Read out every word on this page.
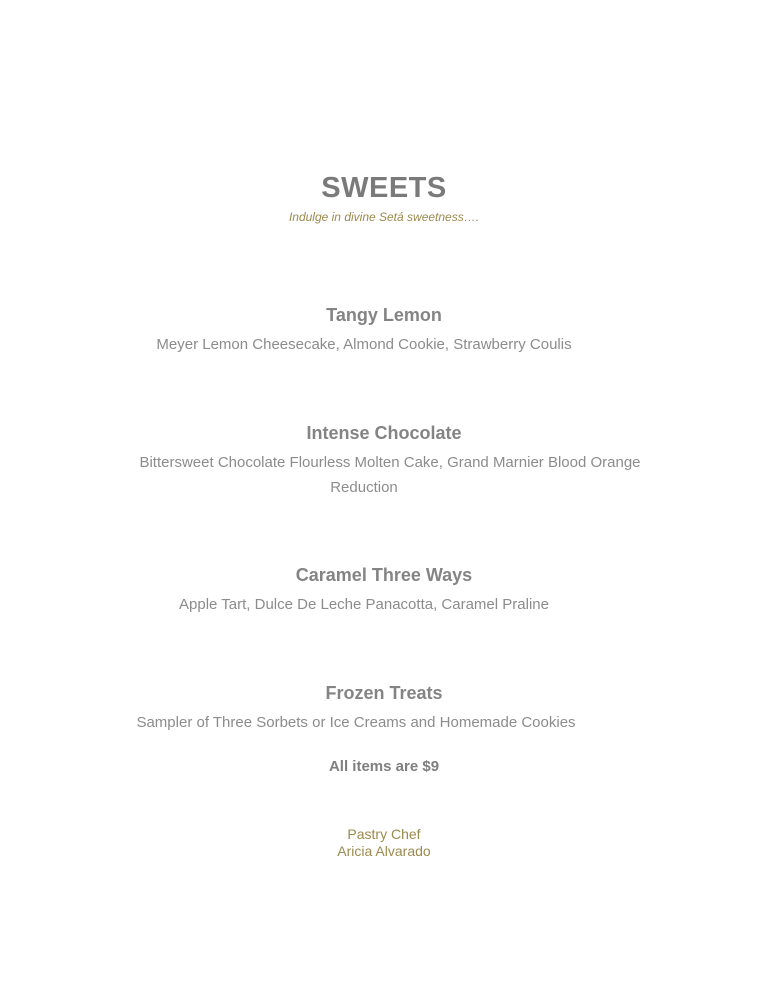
SWEETS
Indulge in divine Setá sweetness….
Tangy Lemon
Meyer Lemon Cheesecake, Almond Cookie, Strawberry Coulis
Intense Chocolate
Bittersweet Chocolate Flourless Molten Cake, Grand Marnier Blood Orange
Reduction
Caramel Three Ways
Apple Tart, Dulce De Leche Panacotta, Caramel Praline
Frozen Treats
Sampler of Three Sorbets or Ice Creams and Homemade Cookies
All items are $9
Pastry Chef
Aricia Alvarado
